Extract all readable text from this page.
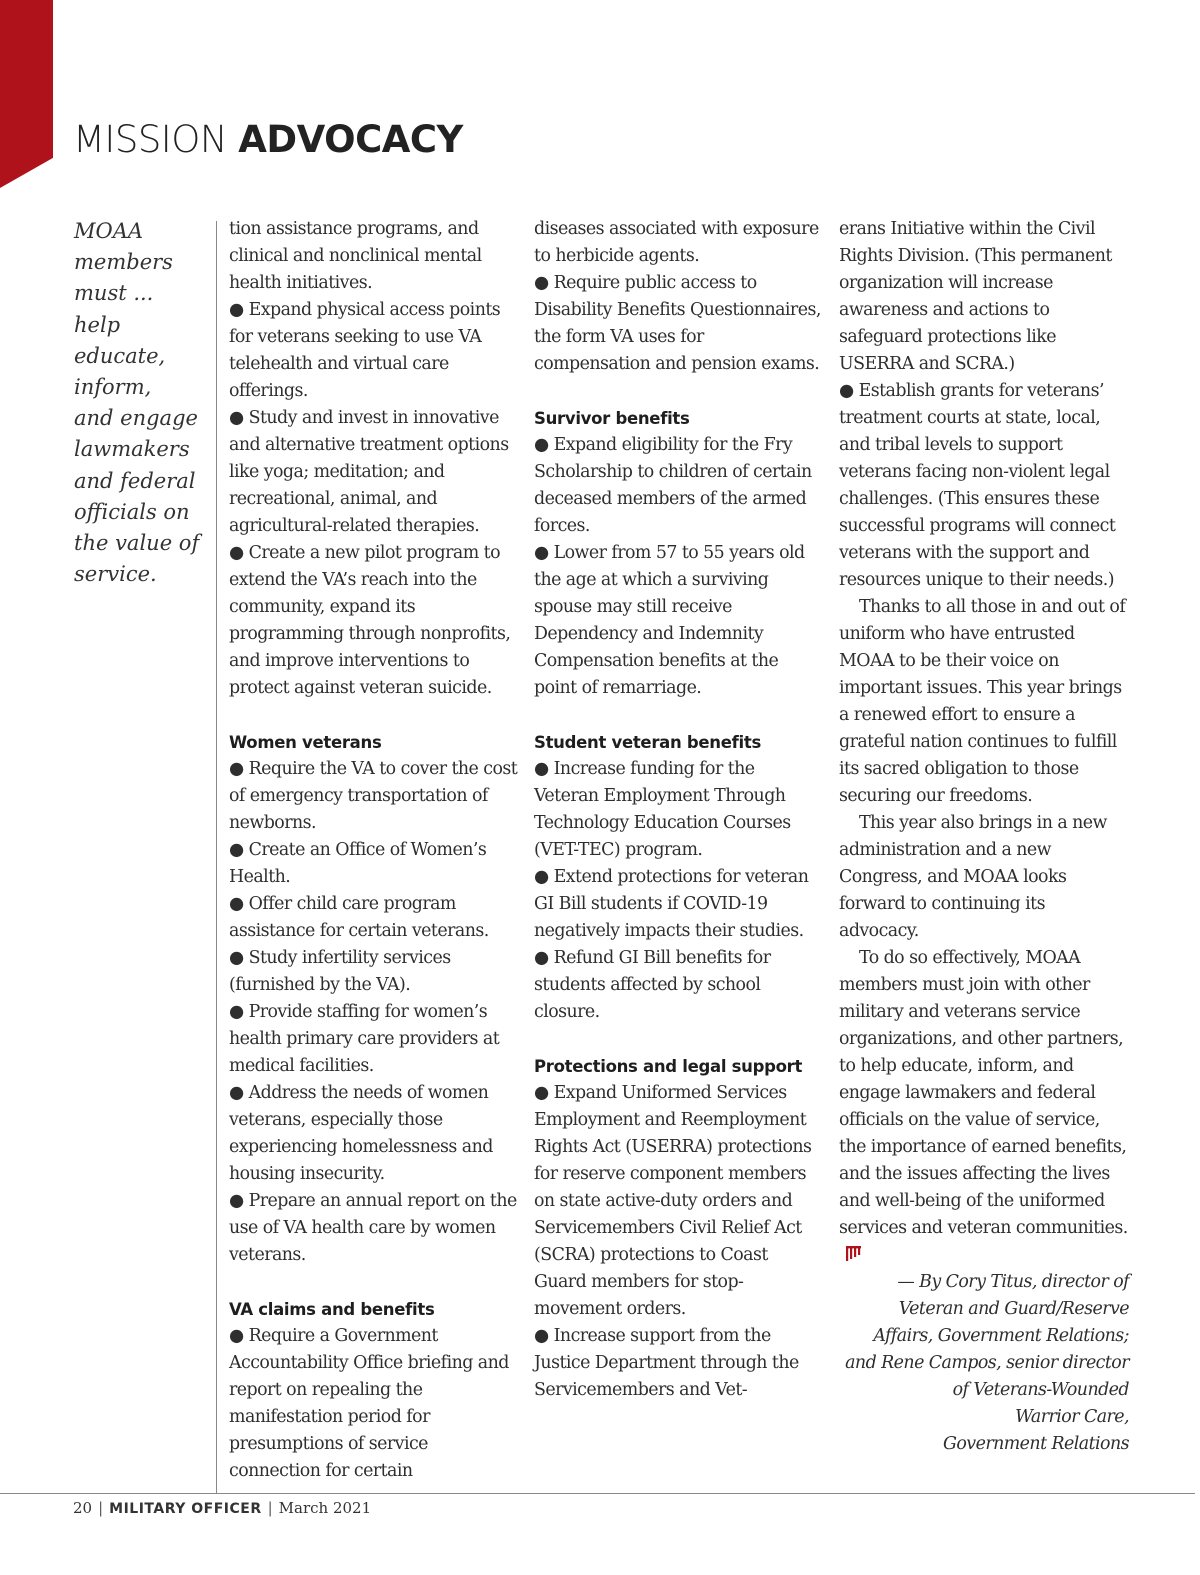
MISSION ADVOCACY
MOAA
members
must ...
help educate,
inform,
and engage
lawmakers
and federal
officials on
the value of
service.

tion assistance programs, and clinical and nonclinical mental health initiatives.

● Expand physical access points for veterans seeking to use VA telehealth and virtual care offerings.

● Study and invest in innovative and alternative treatment options like yoga; meditation; and recreational, animal, and agricultural-related therapies.

● Create a new pilot program to extend the VA’s reach into the community, expand its programming through nonprofits, and improve interventions to protect against veteran suicide.

Women veterans

● Require the VA to cover the cost of emergency transportation of newborns.

● Create an Office of Women’s Health.

● Offer child care program assistance for certain veterans.

● Study infertility services (furnished by the VA).

● Provide staffing for women’s health primary care providers at medical facilities.

● Address the needs of women veterans, especially those experiencing homelessness and housing insecurity.

● Prepare an annual report on the use of VA health care by women veterans.

VA claims and benefits

● Require a Government Accountability Office briefing and report on repealing the manifestation period for presumptions of service connection for certain

diseases associated with exposure to herbicide agents.

● Require public access to Disability Benefits Questionnaires, the form VA uses for compensation and pension exams.

Survivor benefits

● Expand eligibility for the Fry Scholarship to children of certain deceased members of the armed forces.

● Lower from 57 to 55 years old the age at which a surviving spouse may still receive Dependency and Indemnity Compensation benefits at the point of remarriage.

Student veteran benefits

● Increase funding for the Veteran Employment Through Technology Education Courses (VET-TEC) program.

● Extend protections for veteran GI Bill students if COVID-19 negatively impacts their studies.

● Refund GI Bill benefits for students affected by school closure.

Protections and legal support

● Expand Uniformed Services Employment and Reemployment Rights Act (USERRA) protections for reserve component members on state active-duty orders and Servicemembers Civil Relief Act (SCRA) protections to Coast Guard members for stop-movement orders.

● Increase support from the Justice Department through the Servicemembers and Vet-

erans Initiative within the Civil Rights Division. (This permanent organization will increase awareness and actions to safeguard protections like USERRA and SCRA.)

● Establish grants for veterans’ treatment courts at state, local, and tribal levels to support veterans facing non-violent legal challenges. (This ensures these successful programs will connect veterans with the support and resources unique to their needs.)

Thanks to all those in and out of uniform who have entrusted MOAA to be their voice on important issues. This year brings a renewed effort to ensure a grateful nation continues to fulfill its sacred obligation to those securing our freedoms.

This year also brings in a new administration and a new Congress, and MOAA looks forward to continuing its advocacy.

To do so effectively, MOAA members must join with other military and veterans service organizations, and other partners, to help educate, inform, and engage lawmakers and federal officials on the value of service, the importance of earned benefits, and the issues affecting the lives and well-being of the uniformed services and veteran communities.

— By Cory Titus, director of
Veteran and Guard/Reserve
Affairs, Government Relations;
and Rene Campos, senior director
of Veterans-Wounded
Warrior Care,
Government Relations
20 | MILITARY OFFICER | March 2021
